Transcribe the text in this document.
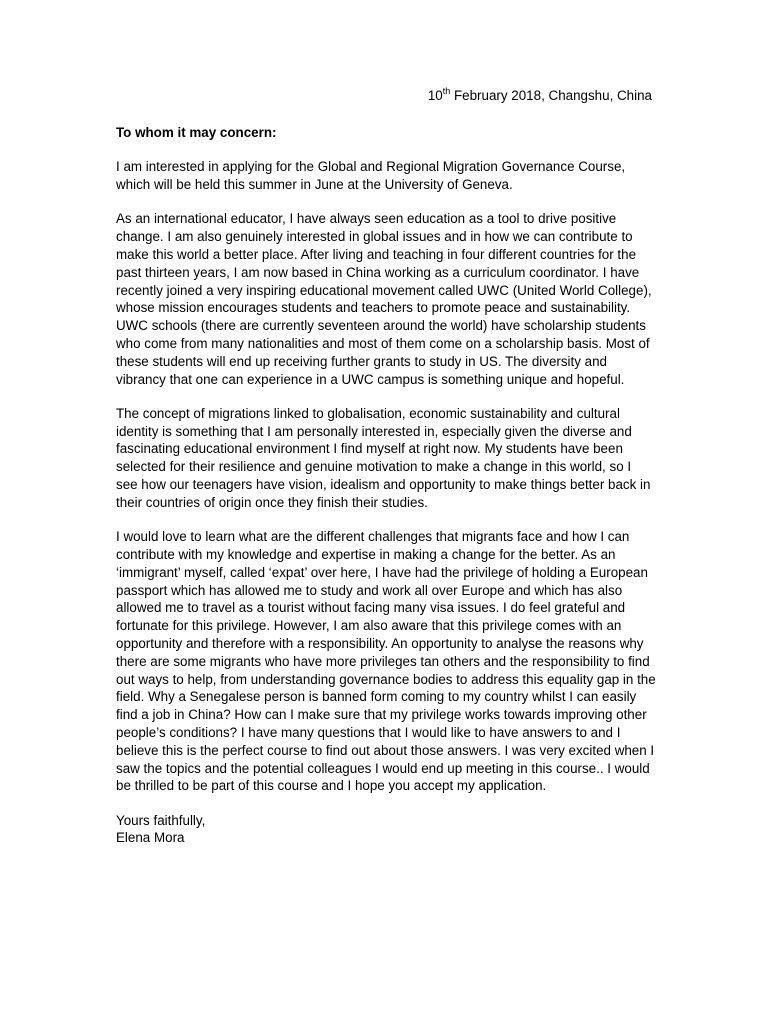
10th February 2018, Changshu, China

To whom it may concern:

I am interested in applying for the Global and Regional Migration Governance Course, which will be held this summer in June at the University of Geneva.

As an international educator, I have always seen education as a tool to drive positive change. I am also genuinely interested in global issues and in how we can contribute to make this world a better place. After living and teaching in four different countries for the past thirteen years, I am now based in China working as a curriculum coordinator. I have recently joined a very inspiring educational movement called UWC (United World College), whose mission encourages students and teachers to promote peace and sustainability. UWC schools (there are currently seventeen around the world) have scholarship students who come from many nationalities and most of them come on a scholarship basis. Most of these students will end up receiving further grants to study in US. The diversity and vibrancy that one can experience in a UWC campus is something unique and hopeful.

The concept of migrations linked to globalisation, economic sustainability and cultural identity is something that I am personally interested in, especially given the diverse and fascinating educational environment I find myself at right now. My students have been selected for their resilience and genuine motivation to make a change in this world, so I see how our teenagers have vision, idealism and opportunity to make things better back in their countries of origin once they finish their studies.

I would love to learn what are the different challenges that migrants face and how I can contribute with my knowledge and expertise in making a change for the better. As an ‘immigrant’ myself, called ‘expat’ over here, I have had the privilege of holding a European passport which has allowed me to study and work all over Europe and which has also allowed me to travel as a tourist without facing many visa issues. I do feel grateful and fortunate for this privilege. However, I am also aware that this privilege comes with an opportunity and therefore with a responsibility. An opportunity to analyse the reasons why there are some migrants who have more privileges tan others and the responsibility to find out ways to help, from understanding governance bodies to address this equality gap in the field. Why a Senegalese person is banned form coming to my country whilst I can easily find a job in China? How can I make sure that my privilege works towards improving other people’s conditions? I have many questions that I would like to have answers to and I believe this is the perfect course to find out about those answers. I was very excited when I saw the topics and the potential colleagues I would end up meeting in this course.. I would be thrilled to be part of this course and I hope you accept my application.

Yours faithfully,
Elena Mora
